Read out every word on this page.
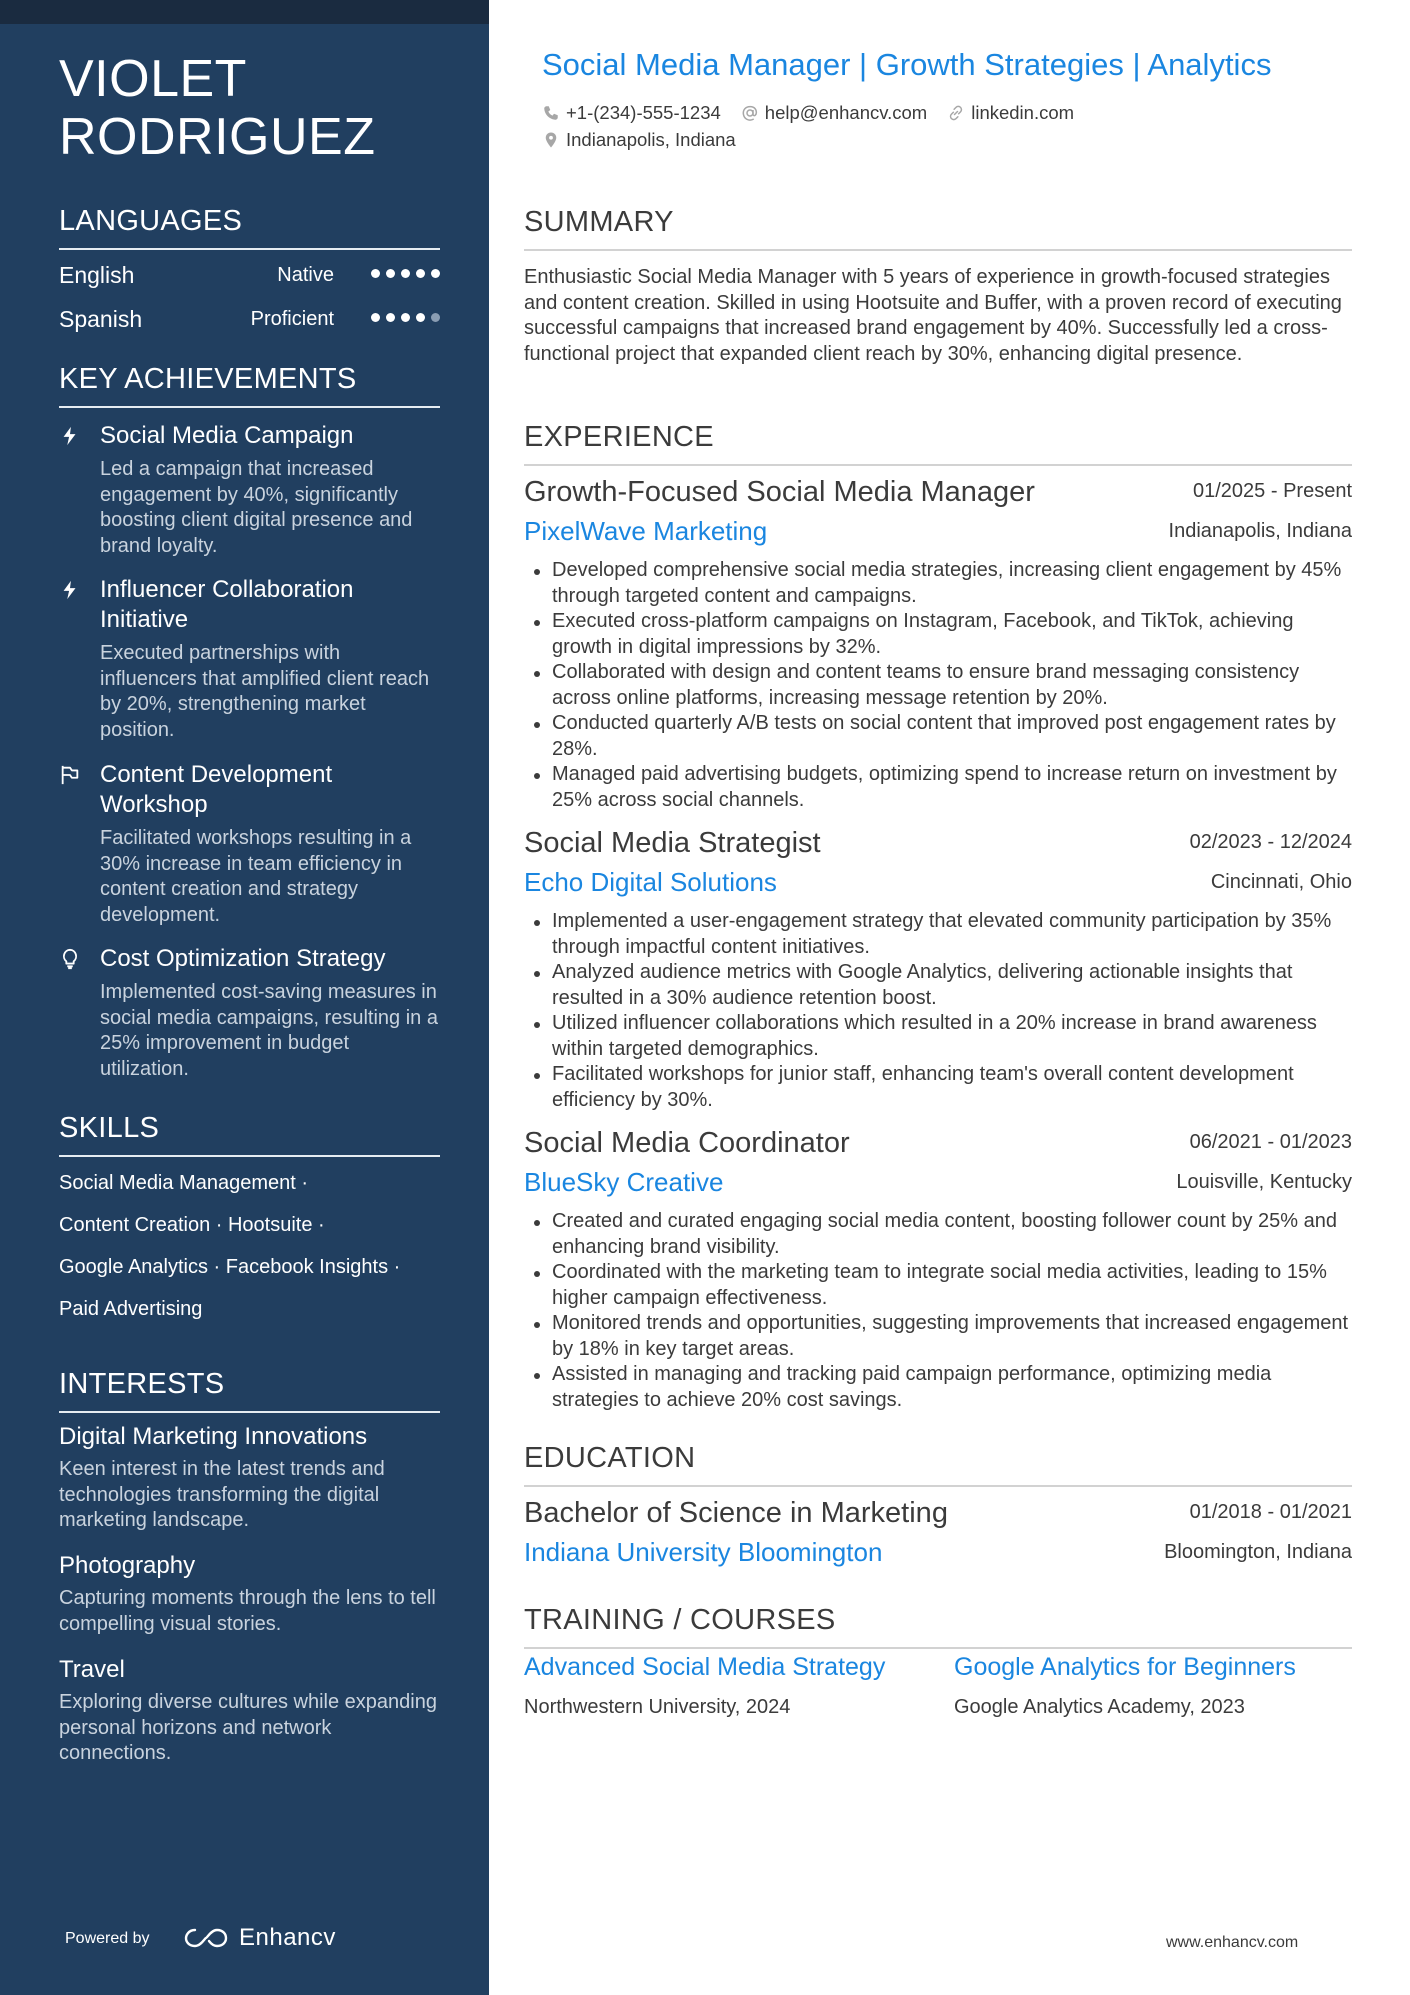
VIOLET
RODRIGUEZ
LANGUAGES
English	Native
Spanish	Proficient
KEY ACHIEVEMENTS
Social Media Campaign
Led a campaign that increased engagement by 40%, significantly boosting client digital presence and brand loyalty.
Influencer Collaboration Initiative
Executed partnerships with influencers that amplified client reach by 20%, strengthening market position.
Content Development Workshop
Facilitated workshops resulting in a 30% increase in team efficiency in content creation and strategy development.
Cost Optimization Strategy
Implemented cost-saving measures in social media campaigns, resulting in a 25% improvement in budget utilization.
SKILLS
Social Media Management ·
Content Creation · Hootsuite ·
Google Analytics · Facebook Insights ·
Paid Advertising
INTERESTS
Digital Marketing Innovations
Keen interest in the latest trends and technologies transforming the digital marketing landscape.
Photography
Capturing moments through the lens to tell compelling visual stories.
Travel
Exploring diverse cultures while expanding personal horizons and network connections.
Powered by	Enhancv
Social Media Manager | Growth Strategies | Analytics
+1-(234)-555-1234 help@enhancv.com linkedin.com
Indianapolis, Indiana
SUMMARY
Enthusiastic Social Media Manager with 5 years of experience in growth-focused strategies and content creation. Skilled in using Hootsuite and Buffer, with a proven record of executing successful campaigns that increased brand engagement by 40%. Successfully led a cross-functional project that expanded client reach by 30%, enhancing digital presence.
EXPERIENCE
Growth-Focused Social Media Manager	01/2025 - Present
PixelWave Marketing	Indianapolis, Indiana
Developed comprehensive social media strategies, increasing client engagement by 45% through targeted content and campaigns.
Executed cross-platform campaigns on Instagram, Facebook, and TikTok, achieving growth in digital impressions by 32%.
Collaborated with design and content teams to ensure brand messaging consistency across online platforms, increasing message retention by 20%.
Conducted quarterly A/B tests on social content that improved post engagement rates by 28%.
Managed paid advertising budgets, optimizing spend to increase return on investment by 25% across social channels.
Social Media Strategist	02/2023 - 12/2024
Echo Digital Solutions	Cincinnati, Ohio
Implemented a user-engagement strategy that elevated community participation by 35% through impactful content initiatives.
Analyzed audience metrics with Google Analytics, delivering actionable insights that resulted in a 30% audience retention boost.
Utilized influencer collaborations which resulted in a 20% increase in brand awareness within targeted demographics.
Facilitated workshops for junior staff, enhancing team's overall content development efficiency by 30%.
Social Media Coordinator	06/2021 - 01/2023
BlueSky Creative	Louisville, Kentucky
Created and curated engaging social media content, boosting follower count by 25% and enhancing brand visibility.
Coordinated with the marketing team to integrate social media activities, leading to 15% higher campaign effectiveness.
Monitored trends and opportunities, suggesting improvements that increased engagement by 18% in key target areas.
Assisted in managing and tracking paid campaign performance, optimizing media strategies to achieve 20% cost savings.
EDUCATION
Bachelor of Science in Marketing	01/2018 - 01/2021
Indiana University Bloomington	Bloomington, Indiana
TRAINING / COURSES
Advanced Social Media Strategy
Northwestern University, 2024
Google Analytics for Beginners
Google Analytics Academy, 2023
www.enhancv.com
